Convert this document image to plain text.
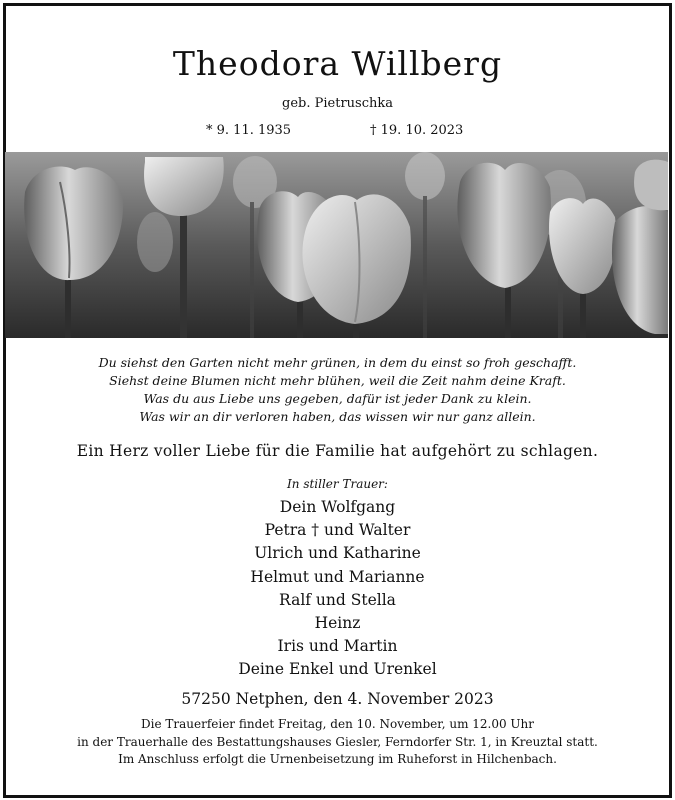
Theodora Willberg
geb. Pietruschka
* 9. 11. 1935	† 19. 10. 2023
Du siehst den Garten nicht mehr grünen, in dem du einst so froh geschafft.
Siehst deine Blumen nicht mehr blühen, weil die Zeit nahm deine Kraft.
Was du aus Liebe uns gegeben, dafür ist jeder Dank zu klein.
Was wir an dir verloren haben, das wissen wir nur ganz allein.
Ein Herz voller Liebe für die Familie hat aufgehört zu schlagen.
In stiller Trauer:
Dein Wolfgang
Petra † und Walter
Ulrich und Katharine
Helmut und Marianne
Ralf und Stella
Heinz
Iris und Martin
Deine Enkel und Urenkel
57250 Netphen, den 4. November 2023
Die Trauerfeier findet Freitag, den 10. November, um 12.00 Uhr
in der Trauerhalle des Bestattungshauses Giesler, Ferndorfer Str. 1, in Kreuztal statt.
Im Anschluss erfolgt die Urnenbeisetzung im Ruheforst in Hilchenbach.
